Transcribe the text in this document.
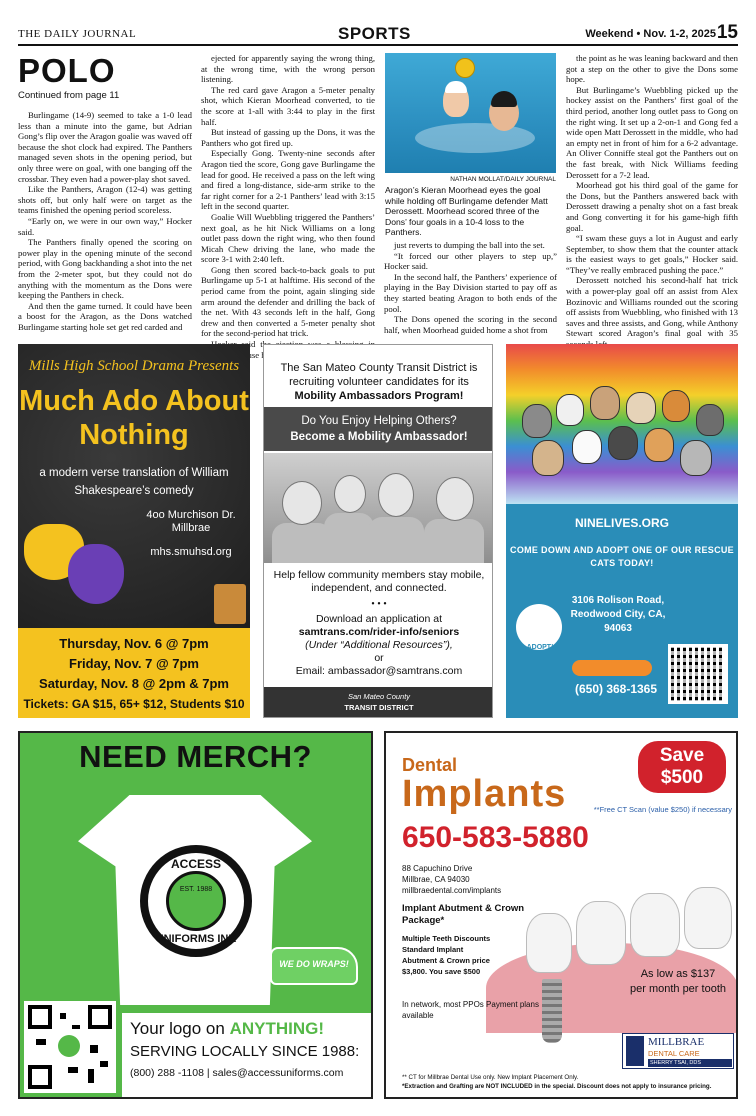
THE DAILY JOURNAL	SPORTS	Weekend • Nov. 1-2, 2025 15
POLO
Continued from page 11

Burlingame (14-9) seemed to take a 1-0 lead less than a minute into the game, but Adrian Gong’s flip over the Aragon goalie was waved off because the shot clock had expired. The Panthers managed seven shots in the opening period, but only three were on goal, with one banging off the crossbar. They even had a power-play shot saved.

Like the Panthers, Aragon (12-4) was getting shots off, but only half were on target as the teams finished the opening period scoreless.

“Early on, we were in our own way,” Hocker said.

The Panthers finally opened the scoring on power play in the opening minute of the second period, with Gong backhanding a shot into the net from the 2-meter spot, but they could not do anything with the momentum as the Dons were keeping the Panthers in check.

And then the game turned. It could have been a boost for the Aragon, as the Dons watched Burlingame starting hole set get red carded and

ejected for apparently saying the wrong thing, at the wrong time, with the wrong person listening.

The red card gave Aragon a 5-meter penalty shot, which Kieran Moorhead converted, to tie the score at 1-all with 3:44 to play in the first half.

But instead of gassing up the Dons, it was the Panthers who got fired up.

Especially Gong. Twenty-nine seconds after Aragon tied the score, Gong gave Burlingame the lead for good. He received a pass on the left wing and fired a long-distance, side-arm strike to the far right corner for a 2-1 Panthers’ lead with 3:15 left in the second quarter.

Goalie Will Wuebbling triggered the Panthers’ next goal, as he hit Nick Williams on a long outlet pass down the right wing, who then found Micah Chew driving the lane, who made the score 3-1 with 2:40 left.

Gong then scored back-to-back goals to put Burlingame up 5-1 at halftime. His second of the period came from the point, again slinging side arm around the defender and drilling the back of the net. With 43 seconds left in the half, Gong drew and then converted a 5-meter penalty shot for the second-period hat trick.

NATHAN MOLLAT/DAILY JOURNAL
Aragon’s Kieran Moorhead eyes the goal while holding off Burlingame defender Matt Derossett. Moorhead scored three of the Dons’ four goals in a 10-4 loss to the Panthers.

just reverts to dumping the ball into the set.

“It forced our other players to step up,” Hocker said.

In the second half, the Panthers’ experience of playing in the Bay Division started to pay off as they started beating Aragon to both ends of the pool.

The Dons opened the scoring in the second half, when Moorhead guided home a shot from

the point as he was leaning backward and then got a step on the other to give the Dons some hope.

But Burlingame’s Wuebbling picked up the hockey assist on the Panthers’ first goal of the third period, another long outlet pass to Gong on the right wing. It set up a 2-on-1 and Gong fed a wide open Matt Derossett in the middle, who had an empty net in front of him for a 6-2 advantage. An Oliver Conniffe steal got the Panthers out on the fast break, with Nick Williams feeding Derossett for a 7-2 lead.

Moorhead got his third goal of the game for the Dons, but the Panthers answered back with Derossett drawing a penalty shot on a fast break and Gong converting it for his game-high fifth goal.

“I swam these guys a lot in August and early September, to show them that the counter attack is the easiest ways to get goals,” Hocker said. “They’ve really embraced pushing the pace.”

Derossett notched his second-half hat trick with a power-play goal off an assist from Alex Bozinovic and Williams rounded out the scoring off assists from Wuebbling, who finished with 13 saves and three assists, and Gong, while Anthony Stewart scored Aragon’s final goal with 35

Mills High School Drama Presents
Much Ado About Nothing
a modern verse translation of William Shakespeare’s comedy
4oo Murchison Dr. Millbrae
mhs.smuhsd.org
Thursday, Nov. 6 @ 7pm
Friday, Nov. 7 @ 7pm
Saturday, Nov. 8 @ 2pm & 7pm
Tickets: GA $15, 65+ $12, Students $10
The San Mateo County Transit District is recruiting volunteer candidates for its
Mobility Ambassadors Program!
Do You Enjoy Helping Others?
Become a Mobility Ambassador!
Help fellow community members stay mobile, independent, and connected.
• • •
Download an application at
samtrans.com/rider-info/seniors
(Under “Additional Resources”),
or
Email: ambassador@samtrans.com
San Mateo County
TRANSIT DISTRICT
NINELIVES.ORG
COME DOWN AND ADOPT ONE OF OUR RESCUE CATS TODAY!
ADOPT!
3106 Rolison Road, Reodwood City, CA, 94063
(650) 368-1365
NEED MERCH?
ACCESS
EST. 1988
UNIFORMS INK
WE DO WRAPS!
Your logo on ANYTHING!
SERVING LOCALLY SINCE 1988:
(800) 288 -1108 | sales@accessuniforms.com
Dental
Implants
Save
$500
**Free CT Scan (value $250) if necessary
650-583-5880
88 Capuchino Drive
Millbrae, CA 94030
millbraedental.com/implants
Implant Abutment & Crown Package*
Multiple Teeth Discounts
Standard Implant
Abutment & Crown price
$3,800. You save $500
In network, most PPOs Payment plans available
As low as $137
per month per tooth
MILLBRAE
DENTAL CARE
SHERRY TSAI, DDS
** CT for Millbrae Dental Use only. New Implant Placement Only.
*Extraction and Grafting are NOT INCLUDED in the special. Discount does not apply to insurance pricing.
